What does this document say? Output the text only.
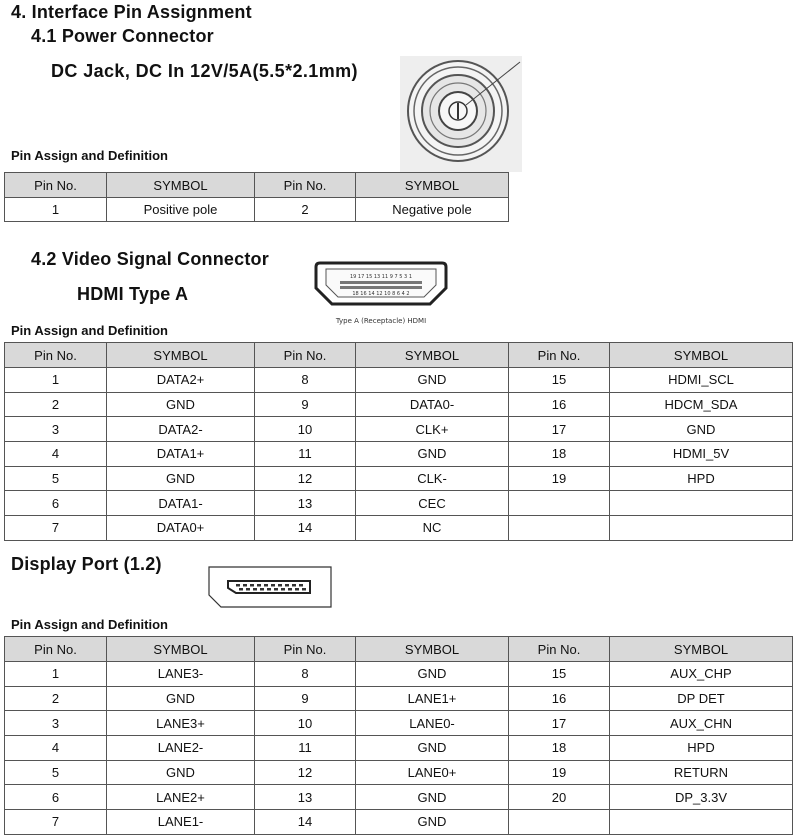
4. Interface Pin Assignment
4.1 Power Connector
DC Jack, DC In 12V/5A(5.5*2.1mm)
Pin Assign and Definition
Pin No.	SYMBOL	Pin No.	SYMBOL
1	Positive pole	2	Negative pole
4.2 Video Signal Connector
HDMI Type A
19 17 15 13 11 9 7 5 3 1
18 16 14 12 10 8 6 4 2
Type A (Receptacle) HDMI
Pin Assign and Definition
Pin No.	SYMBOL	Pin No.	SYMBOL	Pin No.	SYMBOL
1	DATA2+	8	GND	15	HDMI_SCL
2	GND	9	DATA0-	16	HDCM_SDA
3	DATA2-	10	CLK+	17	GND
4	DATA1+	11	GND	18	HDMI_5V
5	GND	12	CLK-	19	HPD
6	DATA1-	13	CEC		
7	DATA0+	14	NC		
Display Port (1.2)
Pin Assign and Definition
Pin No.	SYMBOL	Pin No.	SYMBOL	Pin No.	SYMBOL
1	LANE3-	8	GND	15	AUX_CHP
2	GND	9	LANE1+	16	DP DET
3	LANE3+	10	LANE0-	17	AUX_CHN
4	LANE2-	11	GND	18	HPD
5	GND	12	LANE0+	19	RETURN
6	LANE2+	13	GND	20	DP_3.3V
7	LANE1-	14	GND		
